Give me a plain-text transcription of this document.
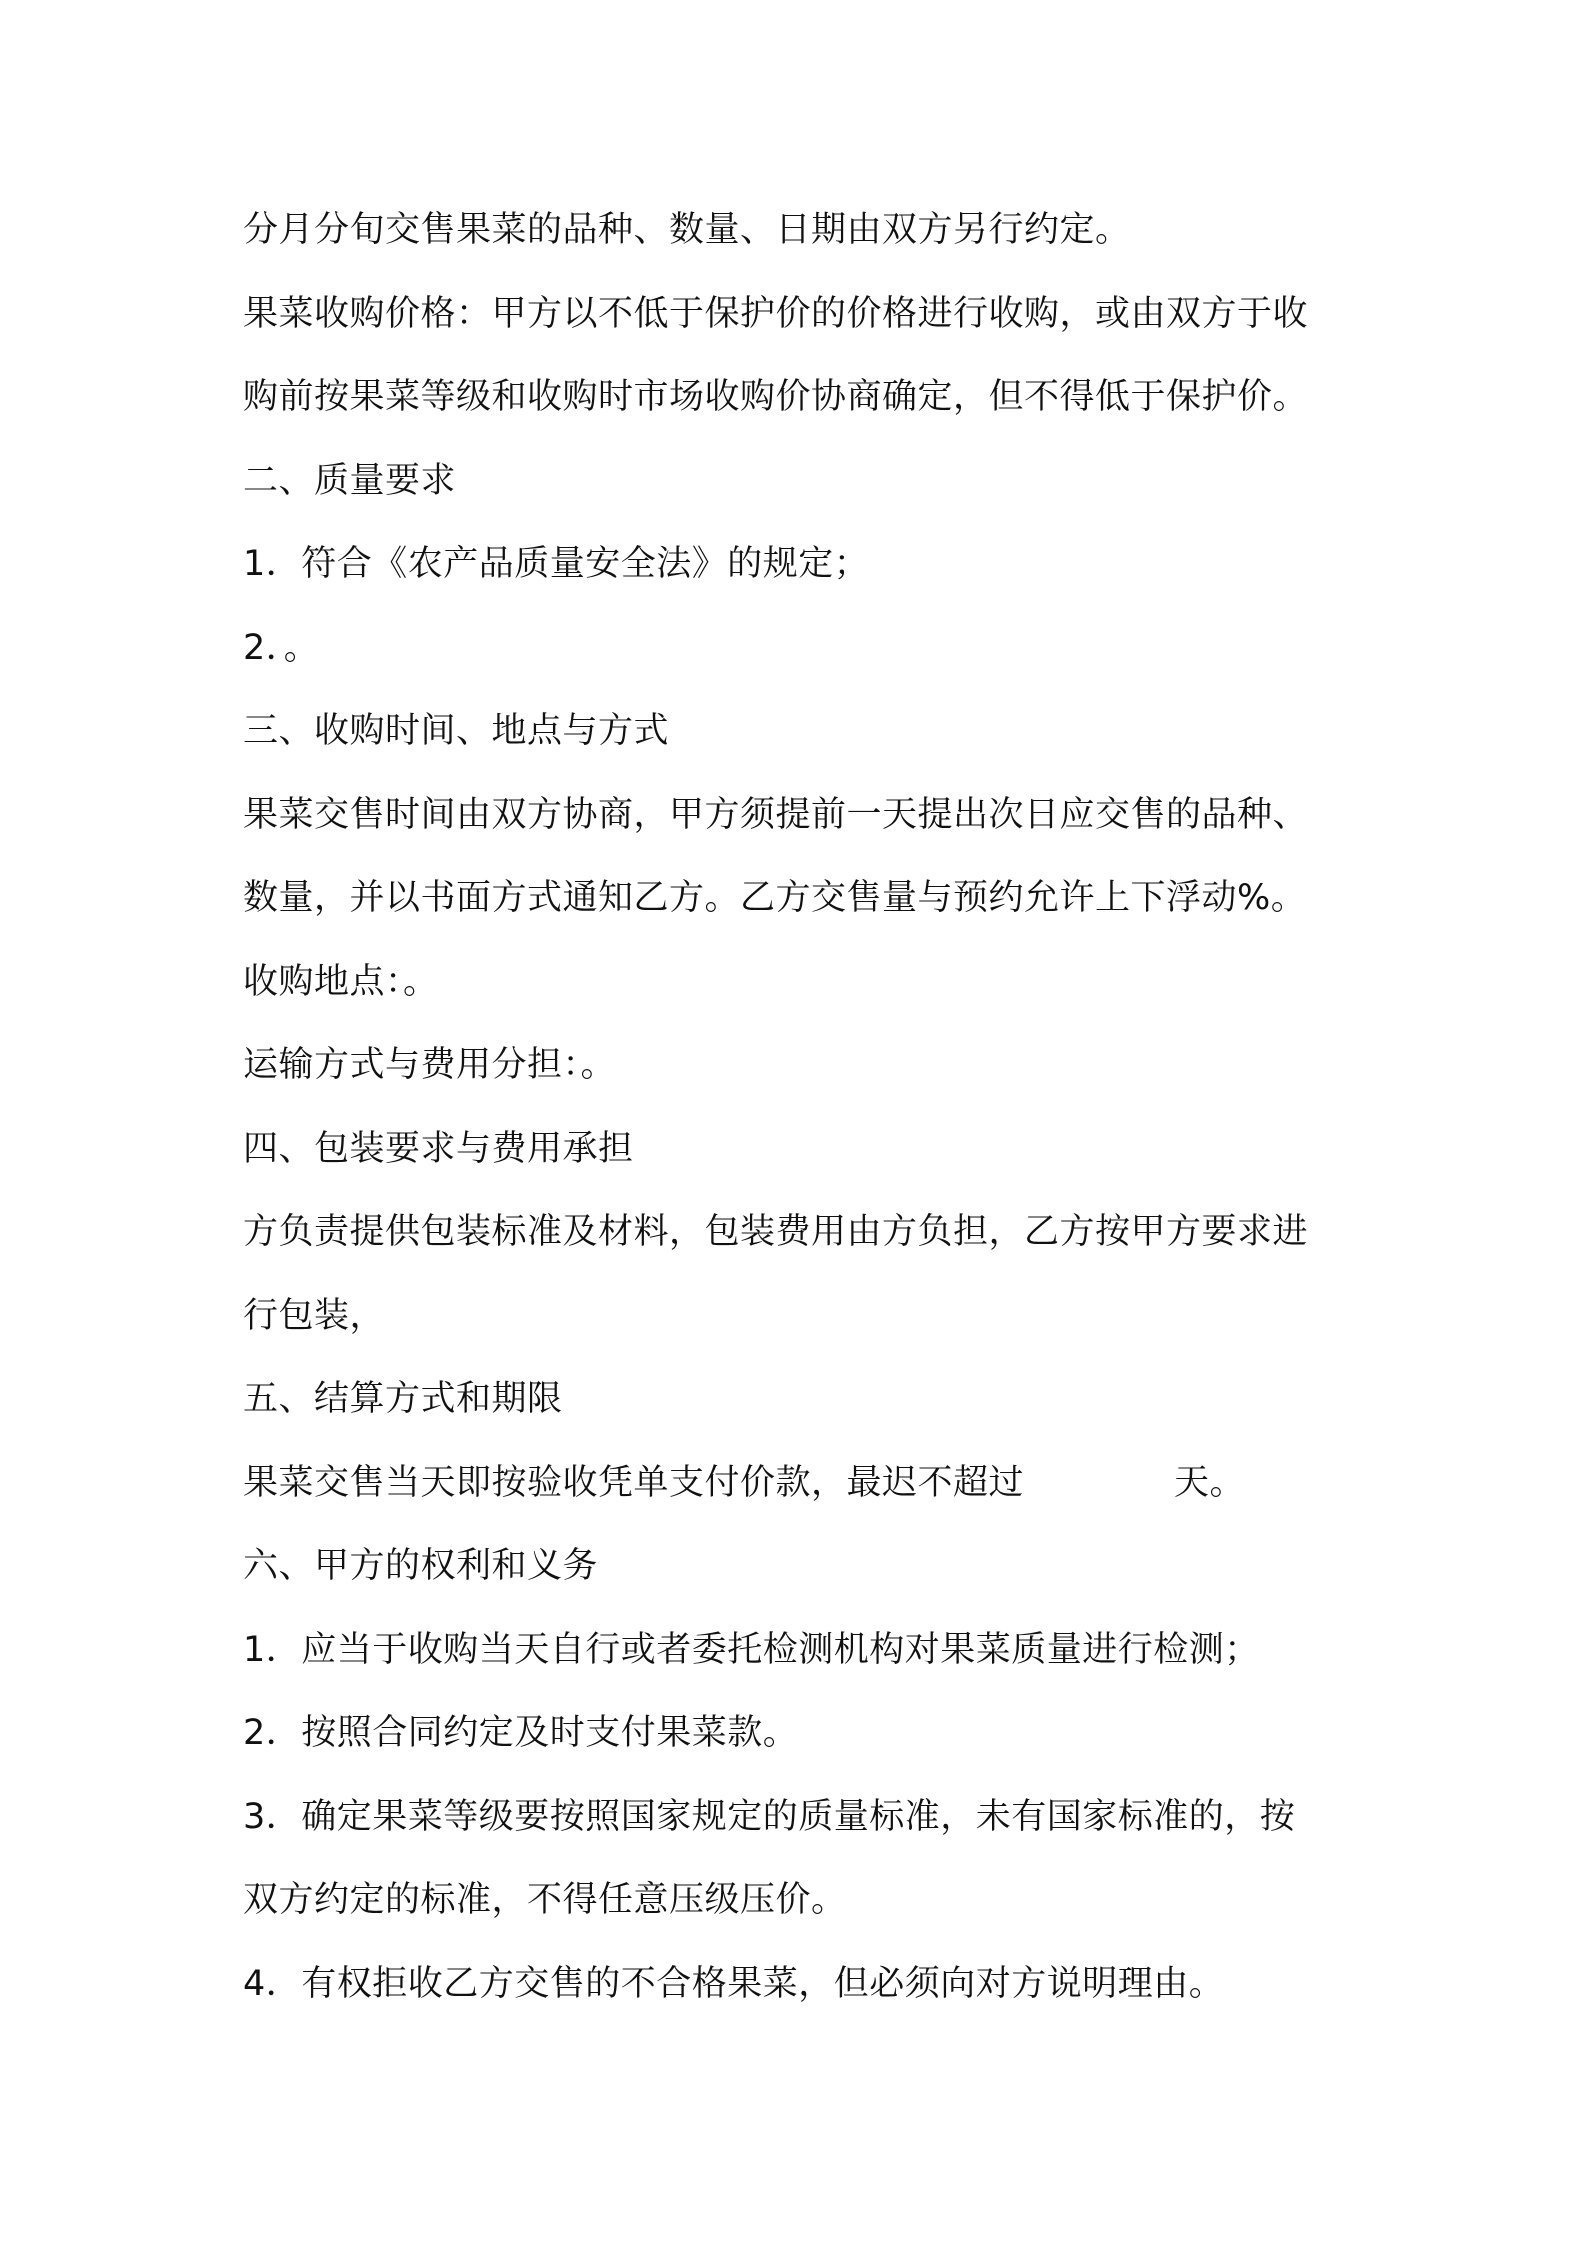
分月分旬交售果菜的品种、数量、日期由双方另行约定。
果菜收购价格：甲方以不低于保护价的价格进行收购，或由双方于收
购前按果菜等级和收购时市场收购价协商确定，但不得低于保护价。
二、质量要求
1．符合《农产品质量安全法》的规定；
2．。
三、收购时间、地点与方式
果菜交售时间由双方协商，甲方须提前一天提出次日应交售的品种、
数量，并以书面方式通知乙方。乙方交售量与预约允许上下浮动%。
收购地点：。
运输方式与费用分担：。
四、包装要求与费用承担
方负责提供包装标准及材料，包装费用由方负担，乙方按甲方要求进
行包装，
五、结算方式和期限
果菜交售当天即按验收凭单支付价款，最迟不超过	天。
六、甲方的权利和义务
1．应当于收购当天自行或者委托检测机构对果菜质量进行检测；
2．按照合同约定及时支付果菜款。
3．确定果菜等级要按照国家规定的质量标准，未有国家标准的，按
双方约定的标准，不得任意压级压价。
4．有权拒收乙方交售的不合格果菜，但必须向对方说明理由。
